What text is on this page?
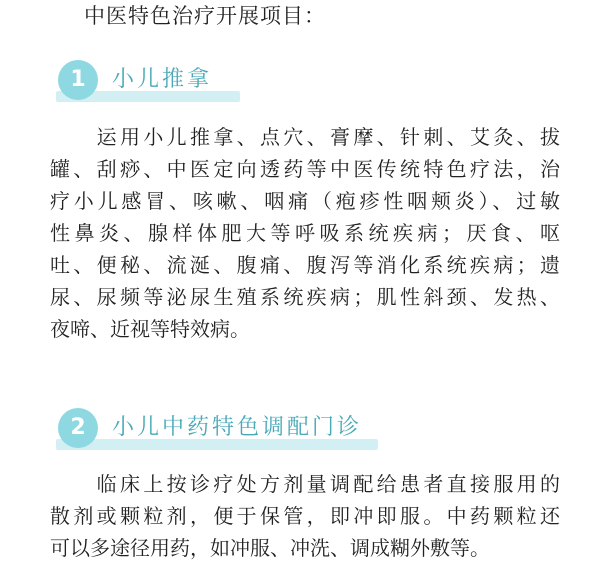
中医特色治疗开展项目：
1	小儿推拿
　　运用小儿推拿、点穴、膏摩、针刺、艾灸、拔
罐、刮痧、中医定向透药等中医传统特色疗法，治
疗小儿感冒、咳嗽、咽痛（疱疹性咽颊炎）、过敏
性鼻炎、腺样体肥大等呼吸系统疾病；厌食、呕
吐、便秘、流涎、腹痛、腹泻等消化系统疾病；遗
尿、尿频等泌尿生殖系统疾病；肌性斜颈、发热、
夜啼、近视等特效病。
2	小儿中药特色调配门诊
　　临床上按诊疗处方剂量调配给患者直接服用的
散剂或颗粒剂，便于保管，即冲即服。中药颗粒还
可以多途径用药，如冲服、冲洗、调成糊外敷等。
